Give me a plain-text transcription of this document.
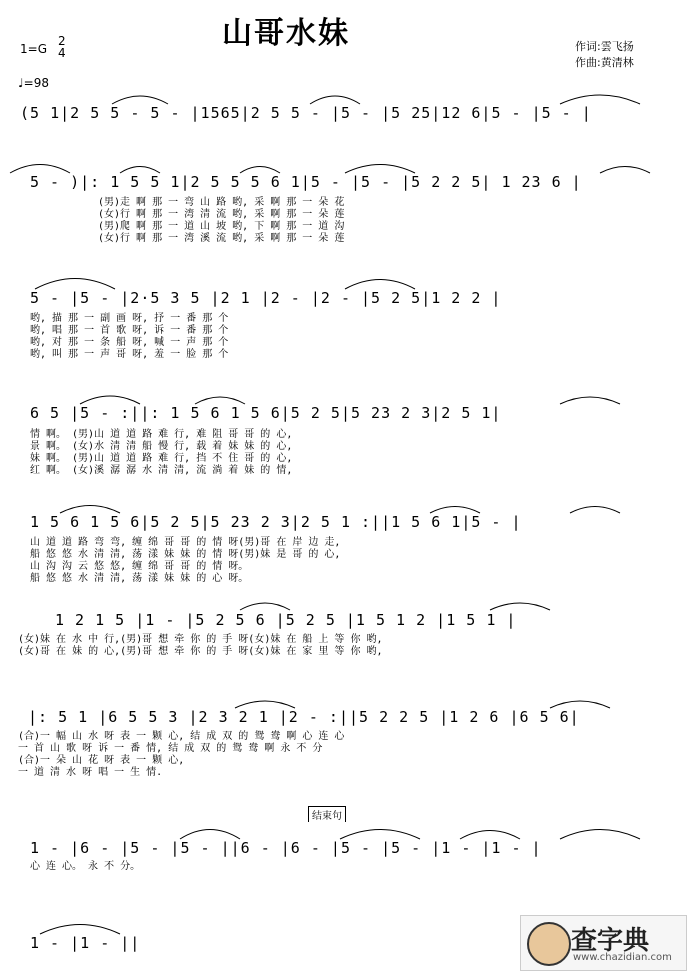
山哥水妹	作词:雲飞扬
作曲:黄清林
1=G
2
4
♩=98
(5 1|2 5 5 - 5 - |1565|2 5 5 - |5 - |5 25|12 6|5 - |5 - |
5 - )|: 1 5 5 1|2 5 5 5 6 1|5 - |5 - |5 2 2 5| 1 23 6 |
(男)走 啊 那 一 弯 山 路 哟, 采 啊 那 一 朵 花
(女)行 啊 那 一 湾 清 流 哟, 采 啊 那 一 朵 莲
(男)爬 啊 那 一 道 山 坡 哟, 下 啊 那 一 道 沟
(女)行 啊 那 一 湾 溪 流 哟, 采 啊 那 一 朵 莲
5 - |5 - |2·5 3 5 |2 1 |2 - |2 - |5 2 5|1 2 2 |
哟, 描 那 一 副 画 呀, 抒 一 番 那 个
哟, 唱 那 一 首 歌 呀, 诉 一 番 那 个
哟, 对 那 一 条 船 呀, 喊 一 声 那 个
哟, 叫 那 一 声 哥 呀, 羞 一 脸 那 个
6 5 |5 - :||: 1 5 6 1 5 6|5 2 5|5 23 2 3|2 5 1|
情 啊。 (男)山 道 道 路 难 行, 难 阻 哥 哥 的 心,
景 啊。 (女)水 清 清 船 慢 行, 载 着 妹 妹 的 心,
妹 啊。 (男)山 道 道 路 难 行, 挡 不 住 哥 的 心,
红 啊。 (女)溪 潺 潺 水 清 清, 流 淌 着 妹 的 情,
1 5 6 1 5 6|5 2 5|5 23 2 3|2 5 1 :||1 5 6 1|5 - |
山 道 道 路 弯 弯, 缠 绵 哥 哥 的 情 呀(男)哥 在 岸 边 走,
船 悠 悠 水 清 清, 荡 漾 妹 妹 的 情 呀(男)妹 是 哥 的 心,
山 沟 沟 云 悠 悠, 缠 绵 哥 哥 的 情 呀。
船 悠 悠 水 清 清, 荡 漾 妹 妹 的 心 呀。
1 2 1 5 |1 - |5 2 5 6 |5 2 5 |1 5 1 2 |1 5 1 |
(女)妹 在 水 中 行,(男)哥 想 牵 你 的 手 呀(女)妹 在 船 上 等 你 哟,
(女)哥 在 妹 的 心,(男)哥 想 牵 你 的 手 呀(女)妹 在 家 里 等 你 哟,
|: 5 1 |6 5 5 3 |2 3 2 1 |2 - :||5 2 2 5 |1 2 6 |6 5 6|
(合)一 幅 山 水 呀 表 一 颗 心, 结 成 双 的 鸳 鸯 啊 心 连 心
一 首 山 歌 呀 诉 一 番 情, 结 成 双 的 鸳 鸯 啊 永 不 分
(合)一 朵 山 花 呀 表 一 颗 心,
一 道 清 水 呀 唱 一 生 情.
结束句
1 - |6 - |5 - |5 - ||6 - |6 - |5 - |5 - |1 - |1 - |
心 连 心。 永 不 分。
1 - |1 - ||	查字典
www.chazidian.com
